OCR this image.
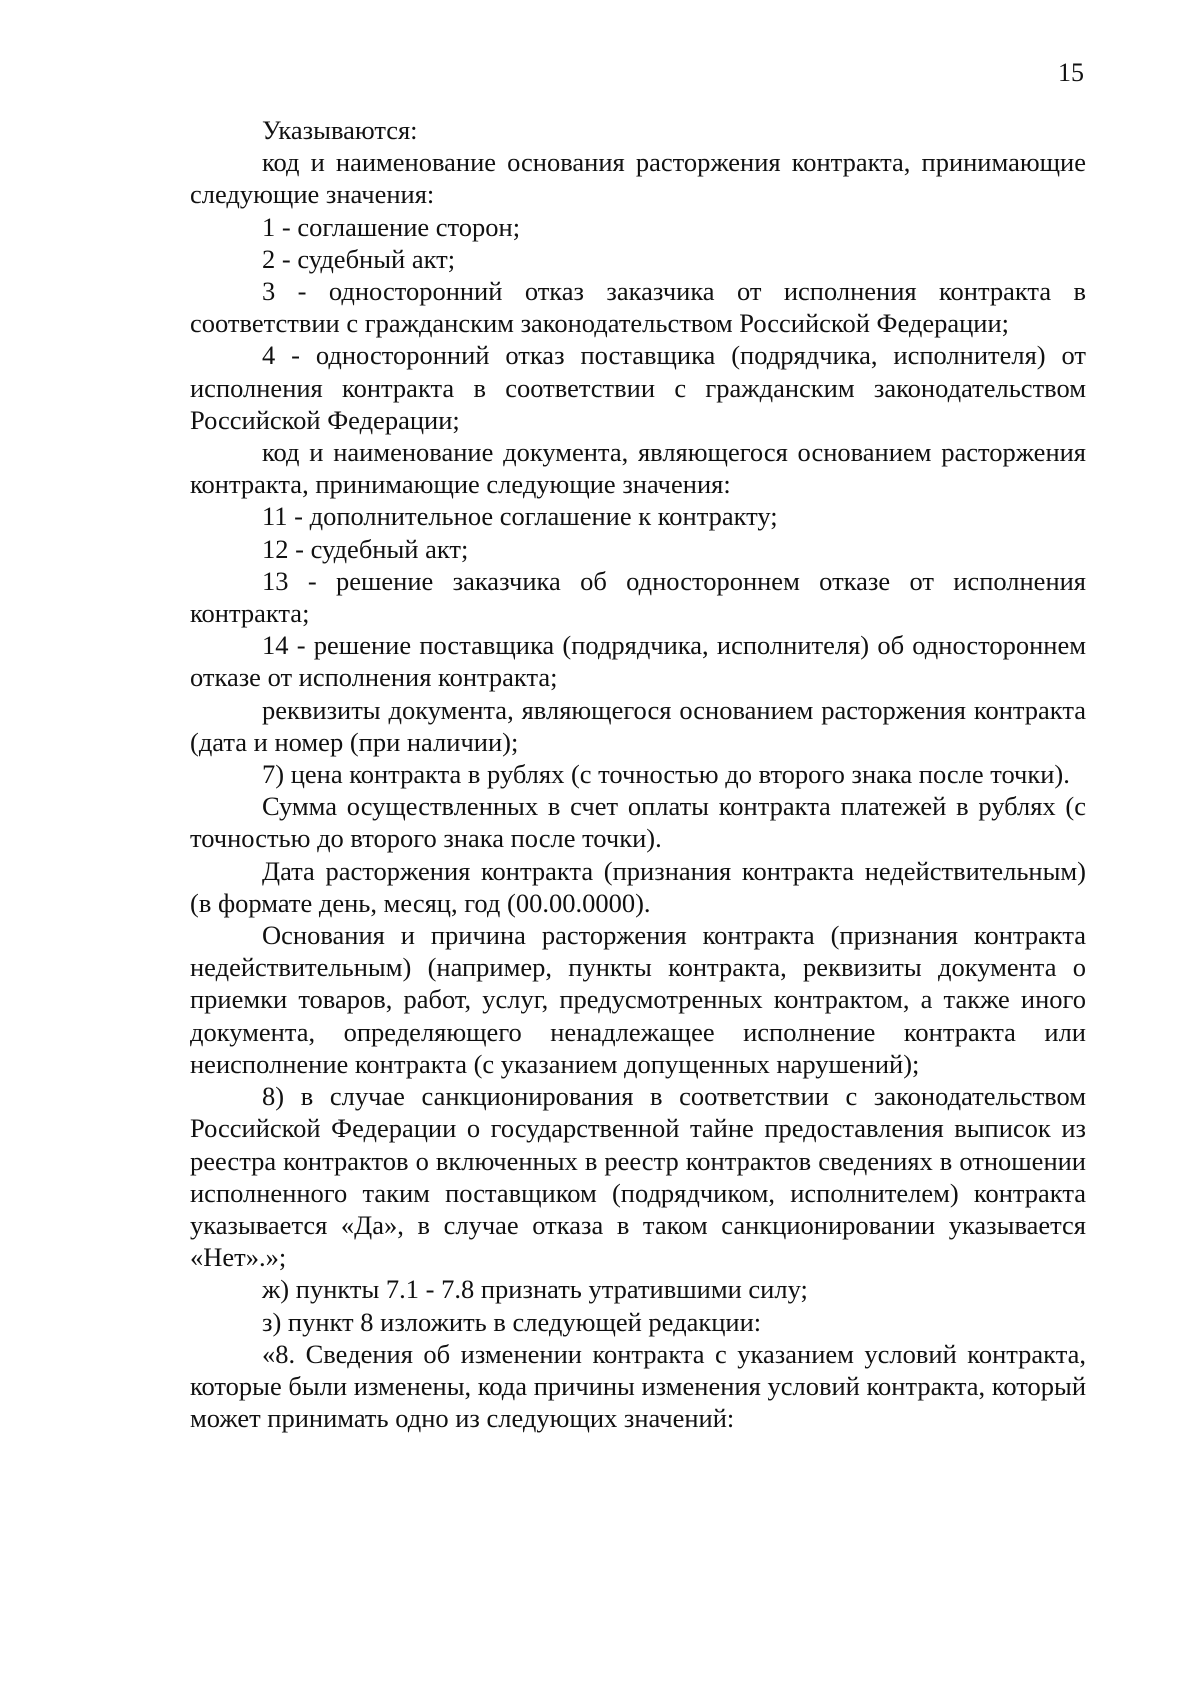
15

Указываются:

код и наименование основания расторжения контракта, принимающие следующие значения:

1 - соглашение сторон;

2 - судебный акт;

3 - односторонний отказ заказчика от исполнения контракта в соответствии с гражданским законодательством Российской Федерации;

4 - односторонний отказ поставщика (подрядчика, исполнителя) от исполнения контракта в соответствии с гражданским законодательством Российской Федерации;

код и наименование документа, являющегося основанием расторжения контракта, принимающие следующие значения:

11 - дополнительное соглашение к контракту;

12 - судебный акт;

13 - решение заказчика об одностороннем отказе от исполнения контракта;

14 - решение поставщика (подрядчика, исполнителя) об одностороннем отказе от исполнения контракта;

реквизиты документа, являющегося основанием расторжения контракта (дата и номер (при наличии);

7) цена контракта в рублях (с точностью до второго знака после точки).

Сумма осуществленных в счет оплаты контракта платежей в рублях (с точностью до второго знака после точки).

Дата расторжения контракта (признания контракта недействительным) (в формате день, месяц, год (00.00.0000).

Основания и причина расторжения контракта (признания контракта недействительным) (например, пункты контракта, реквизиты документа о приемки товаров, работ, услуг, предусмотренных контрактом, а также иного документа, определяющего ненадлежащее исполнение контракта или неисполнение контракта (с указанием допущенных нарушений);

8) в случае санкционирования в соответствии с законодательством Российской Федерации о государственной тайне предоставления выписок из реестра контрактов о включенных в реестр контрактов сведениях в отношении исполненного таким поставщиком (подрядчиком, исполнителем) контракта указывается «Да», в случае отказа в таком санкционировании указывается «Нет».»;

ж) пункты 7.1 - 7.8 признать утратившими силу;

з) пункт 8 изложить в следующей редакции:

«8. Сведения об изменении контракта с указанием условий контракта, которые были изменены, кода причины изменения условий контракта, который может принимать одно из следующих значений:
